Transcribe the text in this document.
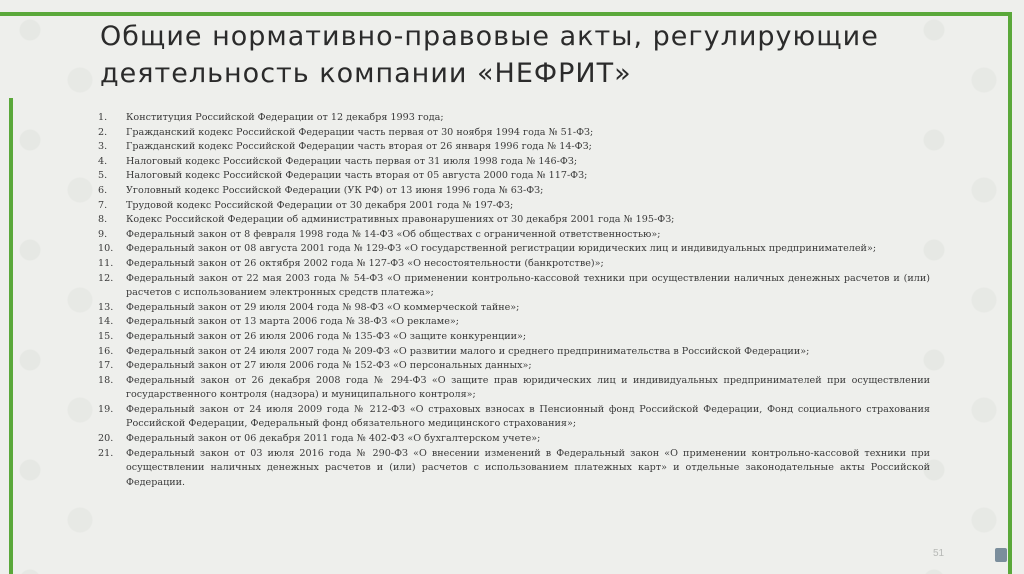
Общие нормативно-правовые акты, регулирующие деятельность компании «НЕФРИТ»
1.	Конституция Российской Федерации от 12 декабря 1993 года;
2.	Гражданский кодекс Российской Федерации часть первая от 30 ноября 1994 года № 51-ФЗ;
3.	Гражданский кодекс Российской Федерации часть вторая от 26 января 1996 года № 14-ФЗ;
4.	Налоговый кодекс Российской Федерации часть первая от 31 июля 1998 года № 146-ФЗ;
5.	Налоговый кодекс Российской Федерации часть вторая от 05 августа 2000 года № 117-ФЗ;
6.	Уголовный кодекс Российской Федерации (УК РФ) от 13 июня 1996 года № 63-ФЗ;
7.	Трудовой кодекс Российской Федерации от 30 декабря 2001 года № 197-ФЗ;
8.	Кодекс Российской Федерации об административных правонарушениях от 30 декабря 2001 года № 195-ФЗ;
9.	Федеральный закон от 8 февраля 1998 года № 14-ФЗ «Об обществах с ограниченной ответственностью»;
10.	Федеральный закон от 08 августа 2001 года № 129-ФЗ «О государственной регистрации юридических лиц и индивидуальных предпринимателей»;
11.	Федеральный закон от 26 октября 2002 года № 127-ФЗ «О несостоятельности (банкротстве)»;
12.	Федеральный закон от 22 мая 2003 года № 54-ФЗ «О применении контрольно-кассовой техники при осуществлении наличных денежных расчетов и (или) расчетов с использованием электронных средств платежа»;
13.	Федеральный закон от 29 июля 2004 года № 98-ФЗ «О коммерческой тайне»;
14.	Федеральный закон от 13 марта 2006 года № 38-ФЗ «О рекламе»;
15.	Федеральный закон от 26 июля 2006 года № 135-ФЗ «О защите конкуренции»;
16.	Федеральный закон от 24 июля 2007 года № 209-ФЗ «О развитии малого и среднего предпринимательства в Российской Федерации»;
17.	Федеральный закон от 27 июля 2006 года № 152-ФЗ «О персональных данных»;
18.	Федеральный закон от 26 декабря 2008 года № 294-ФЗ «О защите прав юридических лиц и индивидуальных предпринимателей при осуществлении государственного контроля (надзора) и муниципального контроля»;
19.	Федеральный закон от 24 июля 2009 года № 212-ФЗ «О страховых взносах в Пенсионный фонд Российской Федерации, Фонд социального страхования Российской Федерации, Федеральный фонд обязательного медицинского страхования»;
20.	Федеральный закон от 06 декабря 2011 года № 402-ФЗ «О бухгалтерском учете»;
21.	Федеральный закон от 03 июля 2016 года № 290-ФЗ «О внесении изменений в Федеральный закон «О применении контрольно-кассовой техники при осуществлении наличных денежных расчетов и (или) расчетов с использованием платежных карт» и отдельные законодательные акты Российской Федерации.
51
